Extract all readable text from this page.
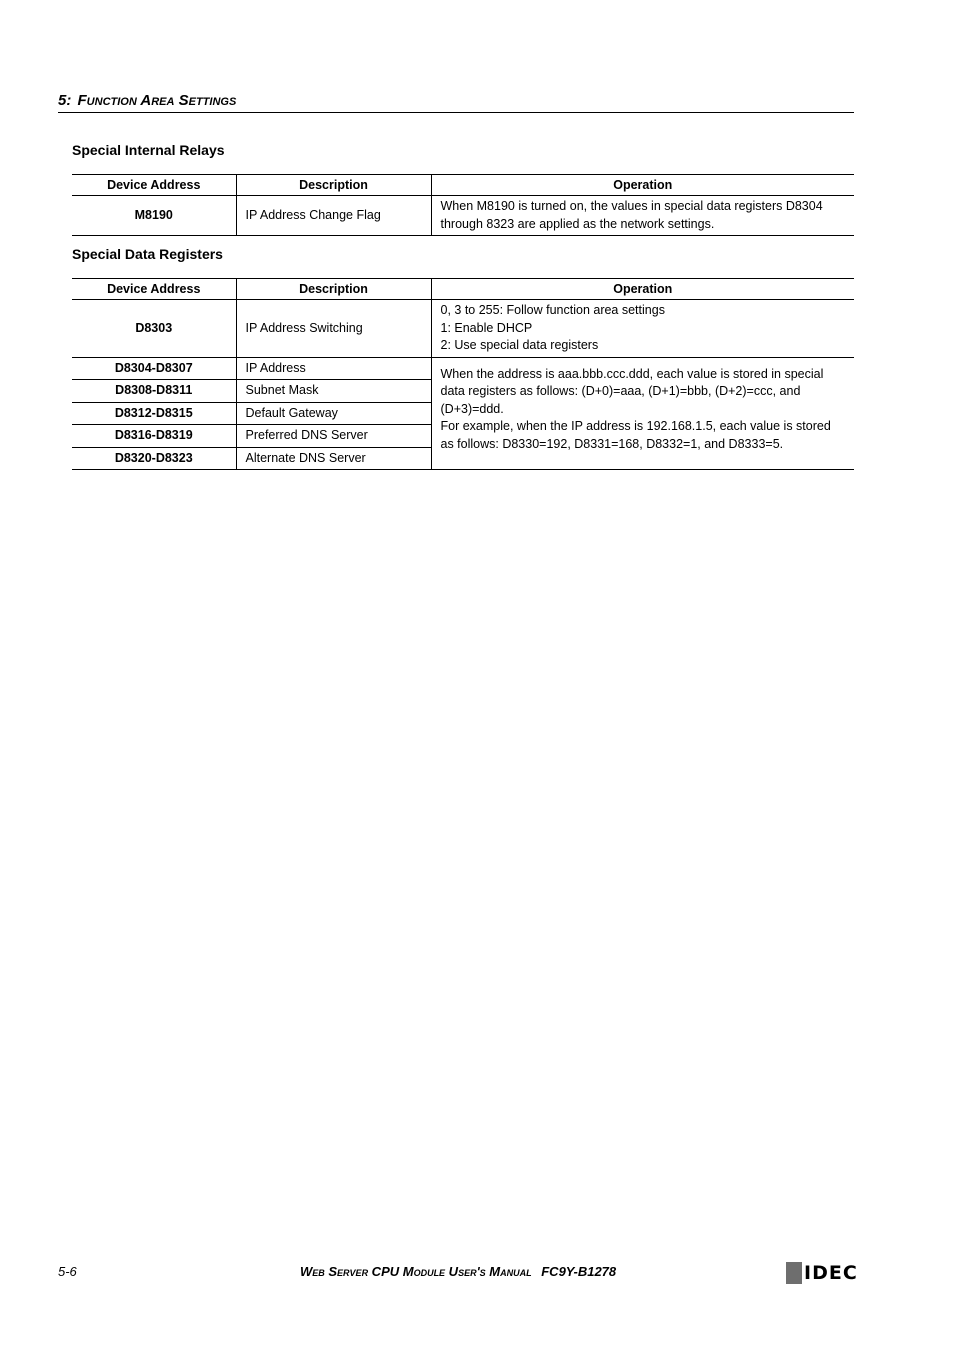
5: Function Area Settings
Special Internal Relays
Device Address	Description	Operation
M8190	IP Address Change Flag	When M8190 is turned on, the values in special data registers D8304 through 8323 are applied as the network settings.
Special Data Registers
Device Address	Description	Operation
D8303	IP Address Switching	0, 3 to 255: Follow function area settings
1: Enable DHCP
2: Use special data registers

D8304-D8307	IP Address	When the address is aaa.bbb.ccc.ddd, each value is stored in special data registers as follows: (D+0)=aaa, (D+1)=bbb, (D+2)=ccc, and (D+3)=ddd.
For example, when the IP address is 192.168.1.5, each value is stored as follows: D8330=192, D8331=168, D8332=1, and D8333=5.

D8308-D8311	Subnet Mask	
D8312-D8315	Default Gateway	
D8316-D8319	Preferred DNS Server	
D8320-D8323	Alternate DNS Server	
5-6	Web Server CPU Module User's Manual FC9Y-B1278	IDEC
